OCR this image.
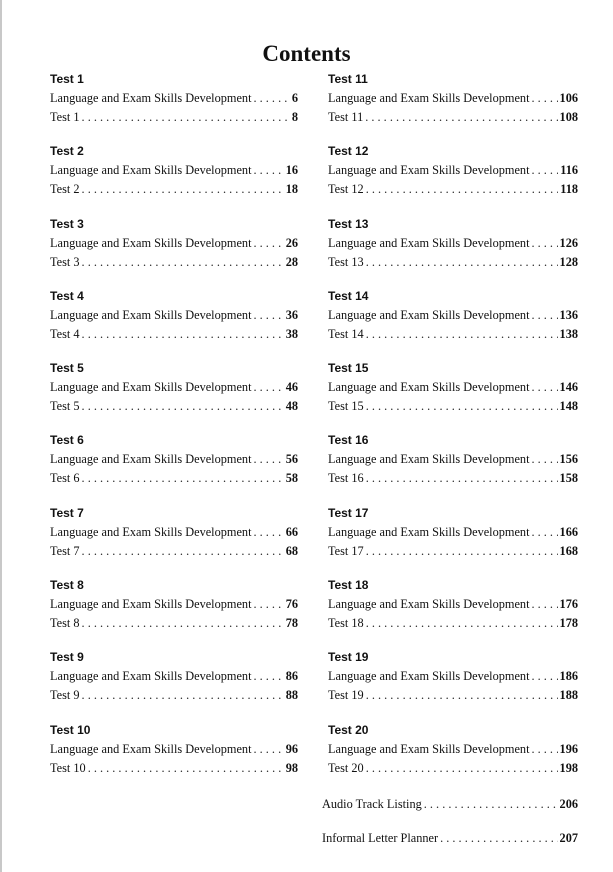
Contents
Test 1
Language and Exam Skills Development . . .	6
Test 1 . . .	8
Test 2
Language and Exam Skills Development . . .	16
Test 2 . . .	18
Test 3
Language and Exam Skills Development . . .	26
Test 3 . . .	28
Test 4
Language and Exam Skills Development . . .	36
Test 4 . . .	38
Test 5
Language and Exam Skills Development . . .	46
Test 5 . . .	48
Test 6
Language and Exam Skills Development . . .	56
Test 6 . . .	58
Test 7
Language and Exam Skills Development . . .	66
Test 7 . . .	68
Test 8
Language and Exam Skills Development . . .	76
Test 8 . . .	78
Test 9
Language and Exam Skills Development . . .	86
Test 9 . . .	88
Test 10
Language and Exam Skills Development . . .	96
Test 10 . . .	98
Test 11
Language and Exam Skills Development . . . 106
Test 11 . . .	108
Test 12
Language and Exam Skills Development . . . 116
Test 12 . . .	118
Test 13
Language and Exam Skills Development . . . 126
Test 13 . . .	128
Test 14
Language and Exam Skills Development . . . 136
Test 14 . . .	138
Test 15
Language and Exam Skills Development . . . 146
Test 15 . . .	148
Test 16
Language and Exam Skills Development . . . 156
Test 16 . . .	158
Test 17
Language and Exam Skills Development . . . 166
Test 17 . . .	168
Test 18
Language and Exam Skills Development . . . 176
Test 18 . . .	178
Test 19
Language and Exam Skills Development . . . 186
Test 19 . . .	188
Test 20
Language and Exam Skills Development . . . 196
Test 20 . . .	198
Audio Track Listing . . .	206
Informal Letter Planner . . .	207
